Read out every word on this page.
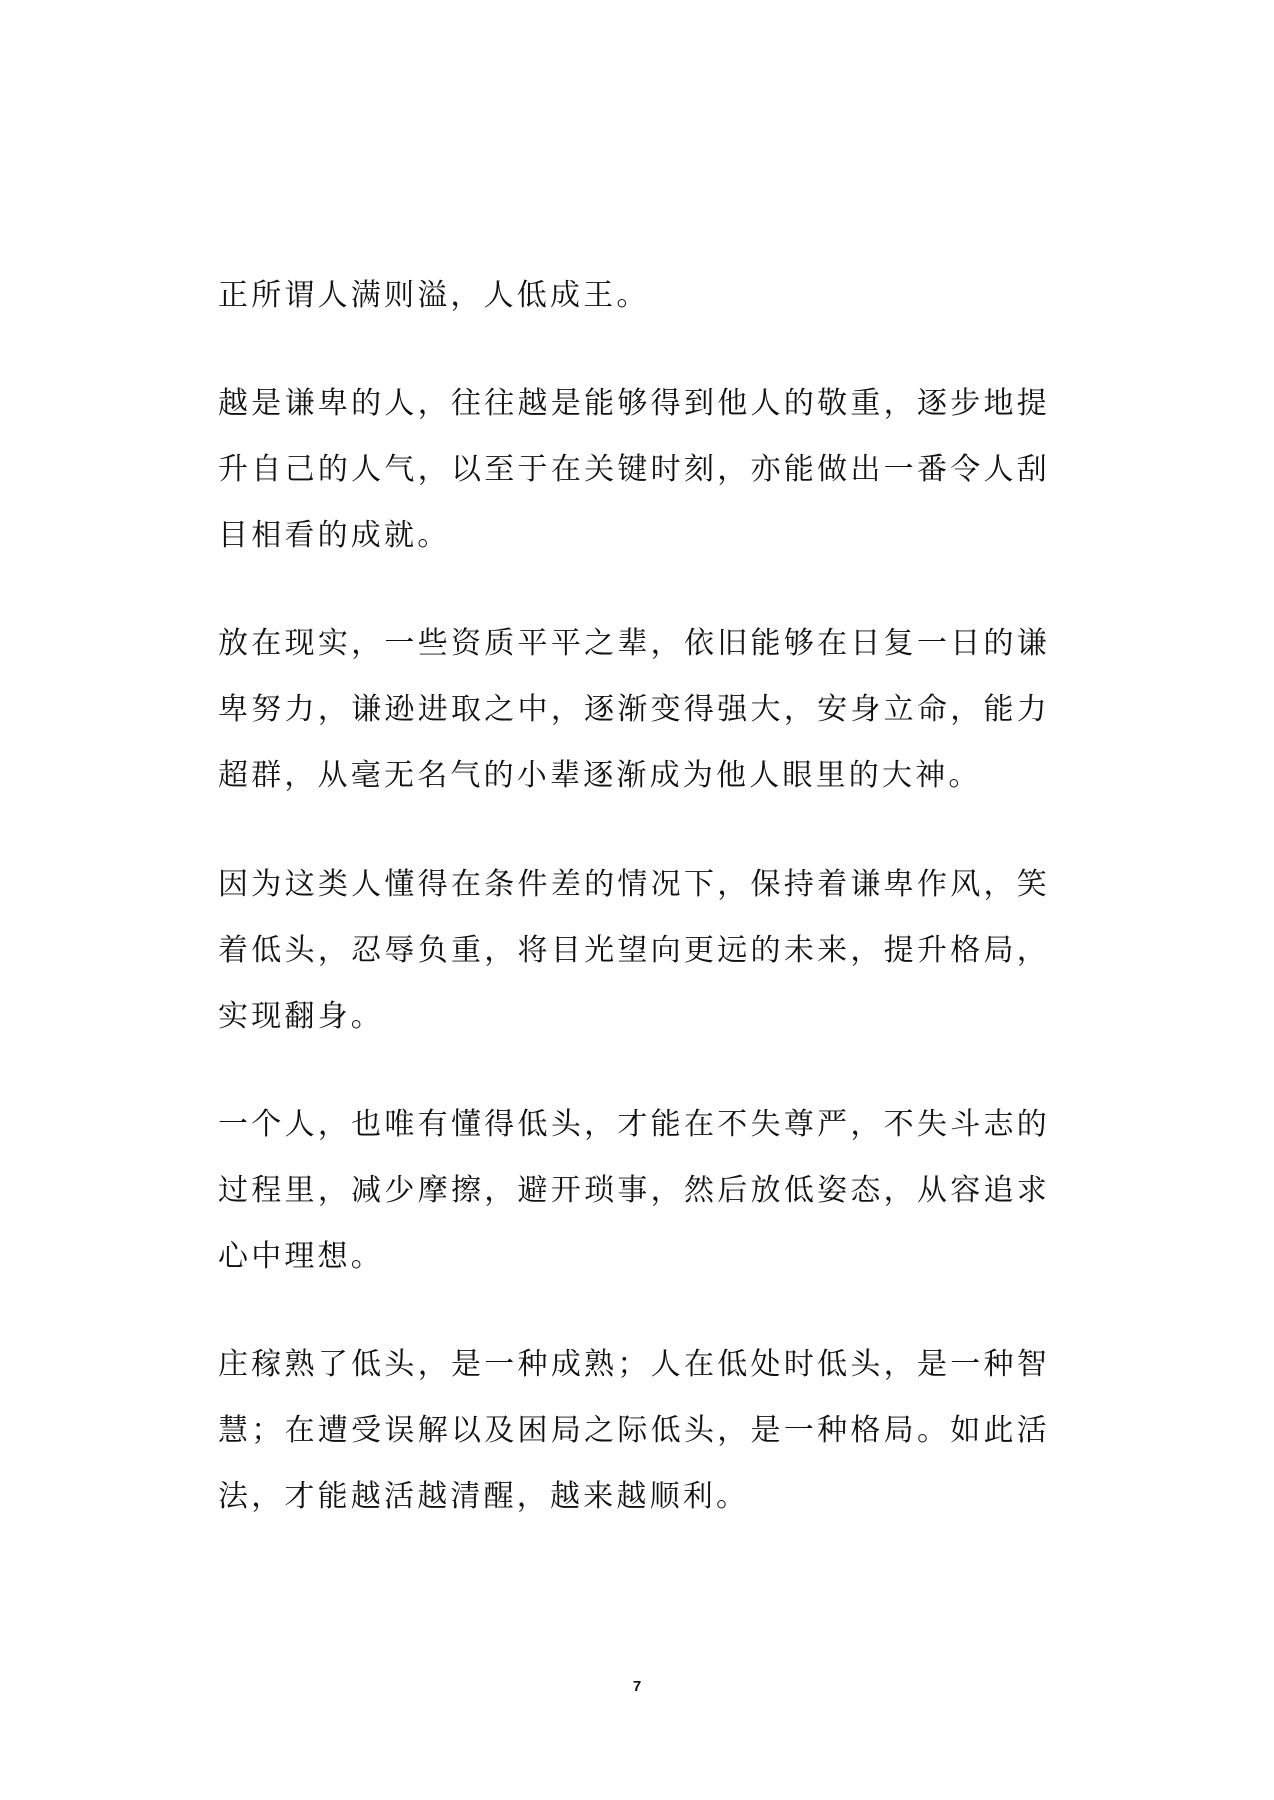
正所谓人满则溢，人低成王。
越是谦卑的人，往往越是能够得到他人的敬重，逐步地提
升自己的人气，以至于在关键时刻，亦能做出一番令人刮
目相看的成就。
放在现实，一些资质平平之辈，依旧能够在日复一日的谦
卑努力，谦逊进取之中，逐渐变得强大，安身立命，能力
超群，从毫无名气的小辈逐渐成为他人眼里的大神。
因为这类人懂得在条件差的情况下，保持着谦卑作风，笑
着低头，忍辱负重，将目光望向更远的未来，提升格局，
实现翻身。
一个人，也唯有懂得低头，才能在不失尊严，不失斗志的
过程里，减少摩擦，避开琐事，然后放低姿态，从容追求
心中理想。
庄稼熟了低头，是一种成熟；人在低处时低头，是一种智
慧；在遭受误解以及困局之际低头，是一种格局。如此活
法，才能越活越清醒，越来越顺利。
7
